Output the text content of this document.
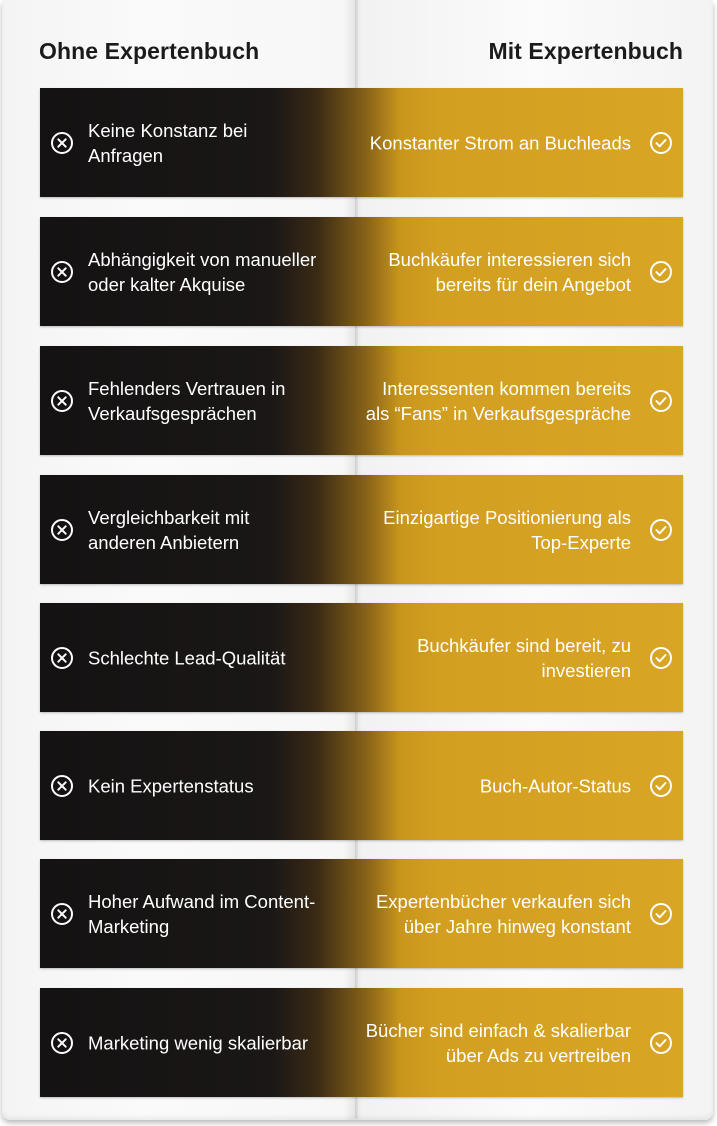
Ohne Expertenbuch	Mit Expertenbuch
Keine Konstanz bei Anfragen
Konstanter Strom an Buchleads
Abhängigkeit von manueller oder kalter Akquise
Buchkäufer interessieren sich bereits für dein Angebot
Fehlenders Vertrauen in Verkaufsgesprächen
Interessenten kommen bereits als “Fans” in Verkaufsgespräche
Vergleichbarkeit mit anderen Anbietern
Einzigartige Positionierung als Top-Experte
Schlechte Lead-Qualität
Buchkäufer sind bereit, zu investieren
Kein Expertenstatus	Buch-Autor-Status
Hoher Aufwand im Content-Marketing
Expertenbücher verkaufen sich über Jahre hinweg konstant
Marketing wenig skalierbar
Bücher sind einfach & skalierbar über Ads zu vertreiben
